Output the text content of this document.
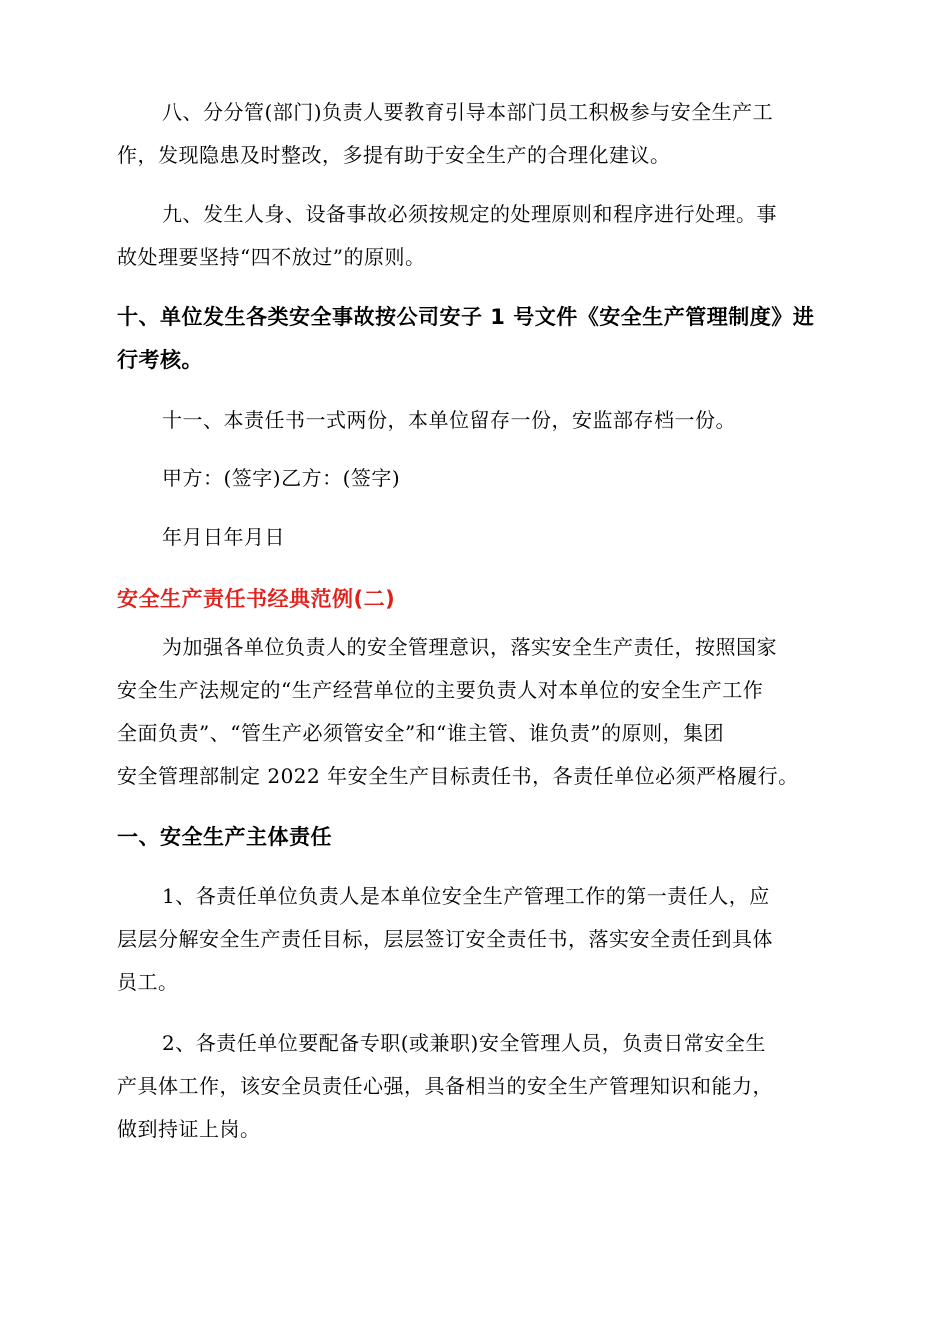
八、分分管(部门)负责人要教育引导本部门员工积极参与安全生产工
作，发现隐患及时整改，多提有助于安全生产的合理化建议。
九、发生人身、设备事故必须按规定的处理原则和程序进行处理。事
故处理要坚持“四不放过”的原则。
十、单位发生各类安全事故按公司安子 1 号文件《安全生产管理制度》进
行考核。
十一、本责任书一式两份，本单位留存一份，安监部存档一份。
甲方：(签字)乙方：(签字)
年月日年月日
安全生产责任书经典范例(二)
为加强各单位负责人的安全管理意识，落实安全生产责任，按照国家
安全生产法规定的“生产经营单位的主要负责人对本单位的安全生产工作
全面负责”、“管生产必须管安全”和“谁主管、谁负责”的原则，集团
安全管理部制定 2022 年安全生产目标责任书，各责任单位必须严格履行。
一、安全生产主体责任
1、各责任单位负责人是本单位安全生产管理工作的第一责任人，应
层层分解安全生产责任目标，层层签订安全责任书，落实安全责任到具体
员工。
2、各责任单位要配备专职(或兼职)安全管理人员，负责日常安全生
产具体工作，该安全员责任心强，具备相当的安全生产管理知识和能力，
做到持证上岗。
